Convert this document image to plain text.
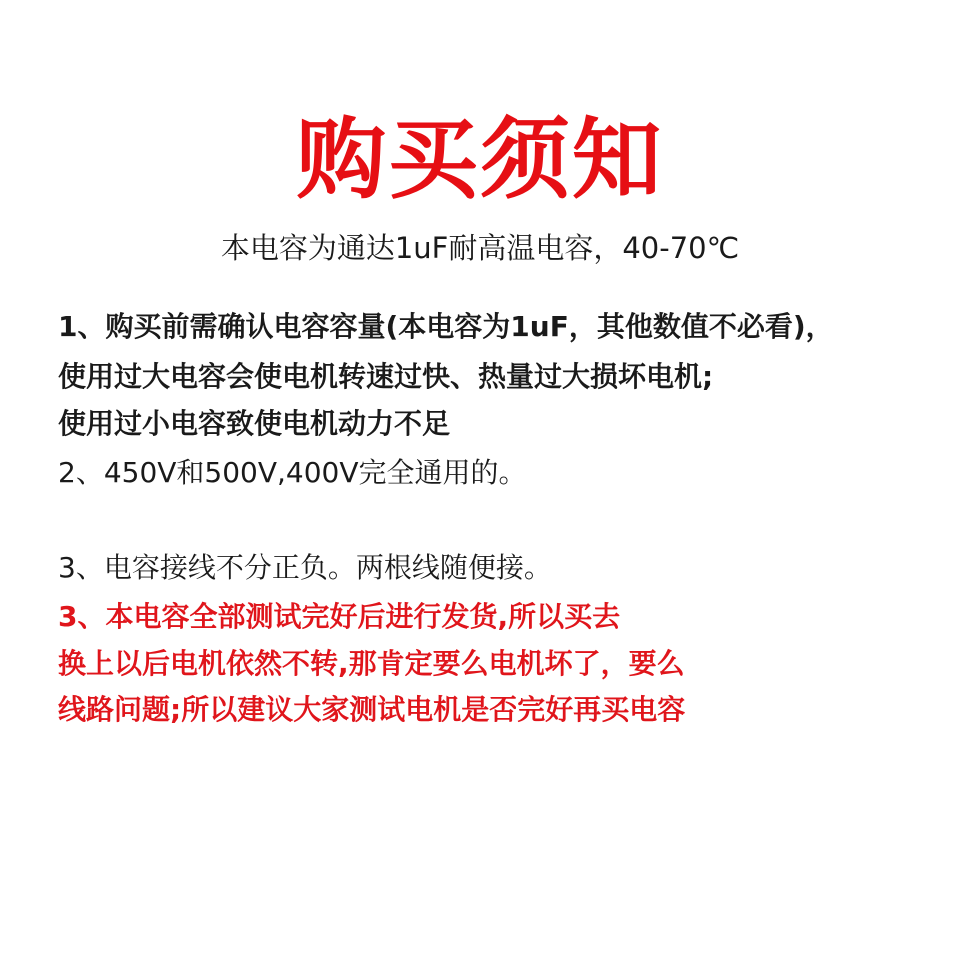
购买须知
本电容为通达1uF耐高温电容，40-70℃
1、购买前需确认电容容量(本电容为1uF，其他数值不必看)，
使用过大电容会使电机转速过快、热量过大损坏电机;
使用过小电容致使电机动力不足
2、450V和500V,400V完全通用的。
3、电容接线不分正负。两根线随便接。
3、本电容全部测试完好后进行发货,所以买去
换上以后电机依然不转,那肯定要么电机坏了，要么
线路问题;所以建议大家测试电机是否完好再买电容
